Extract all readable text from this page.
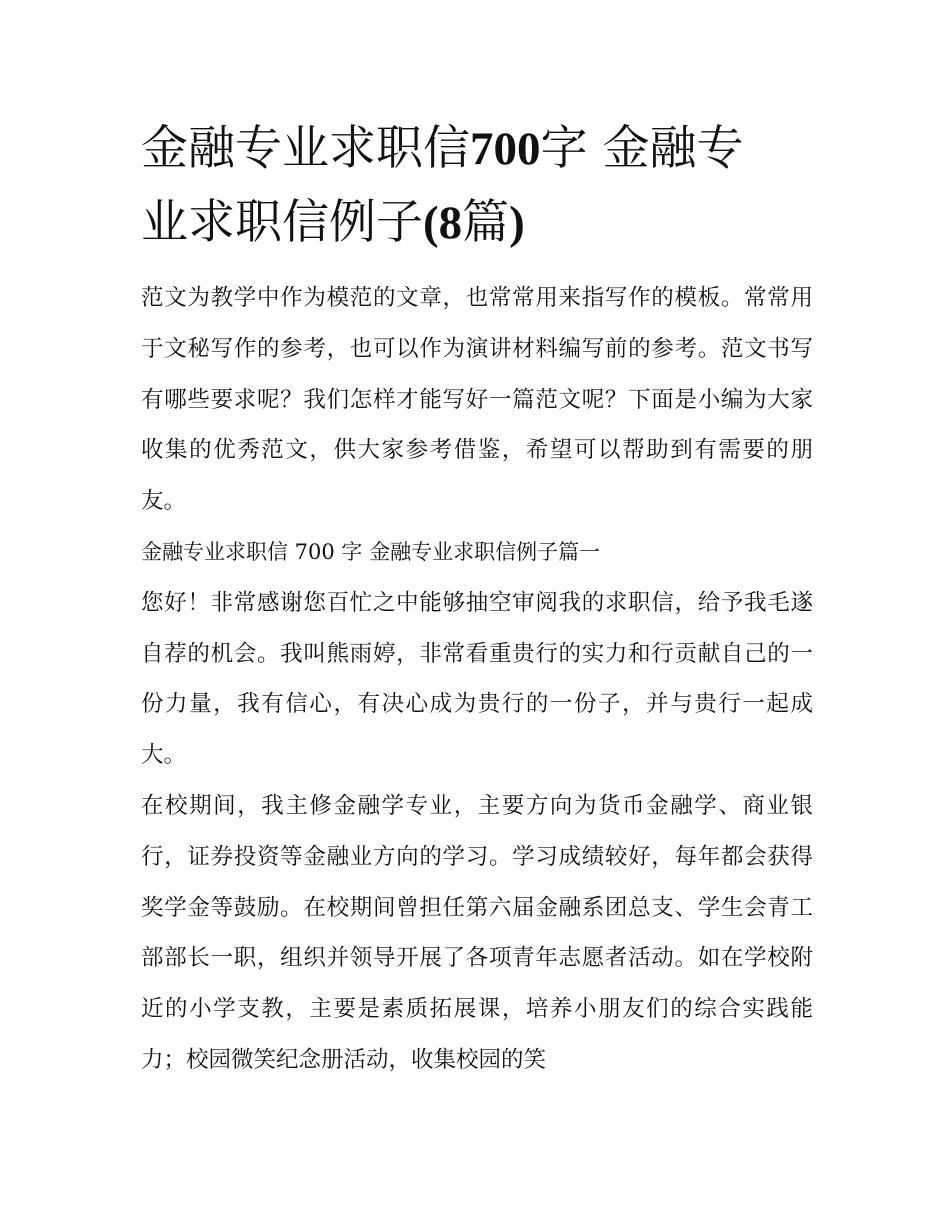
金融专业求职信700字 金融专
业求职信例子(8篇)

范文为教学中作为模范的文章，也常常用来指写作的模板。常常用于文秘写作的参考，也可以作为演讲材料编写前的参考。范文书写有哪些要求呢？我们怎样才能写好一篇范文呢？下面是小编为大家收集的优秀范文，供大家参考借鉴，希望可以帮助到有需要的朋友。

金融专业求职信 700 字 金融专业求职信例子篇一

您好！非常感谢您百忙之中能够抽空审阅我的求职信，给予我毛遂自荐的机会。我叫熊雨婷，非常看重贵行的实力和行贡献自己的一份力量，我有信心，有决心成为贵行的一份子，并与贵行一起成大。

在校期间，我主修金融学专业，主要方向为货币金融学、商业银行，证券投资等金融业方向的学习。学习成绩较好，每年都会获得奖学金等鼓励。在校期间曾担任第六届金融系团总支、学生会青工部部长一职，组织并领导开展了各项青年志愿者活动。如在学校附近的小学支教，主要是素质拓展课，培养小朋友们的综合实践能力；校园微笑纪念册活动，收集校园的笑
